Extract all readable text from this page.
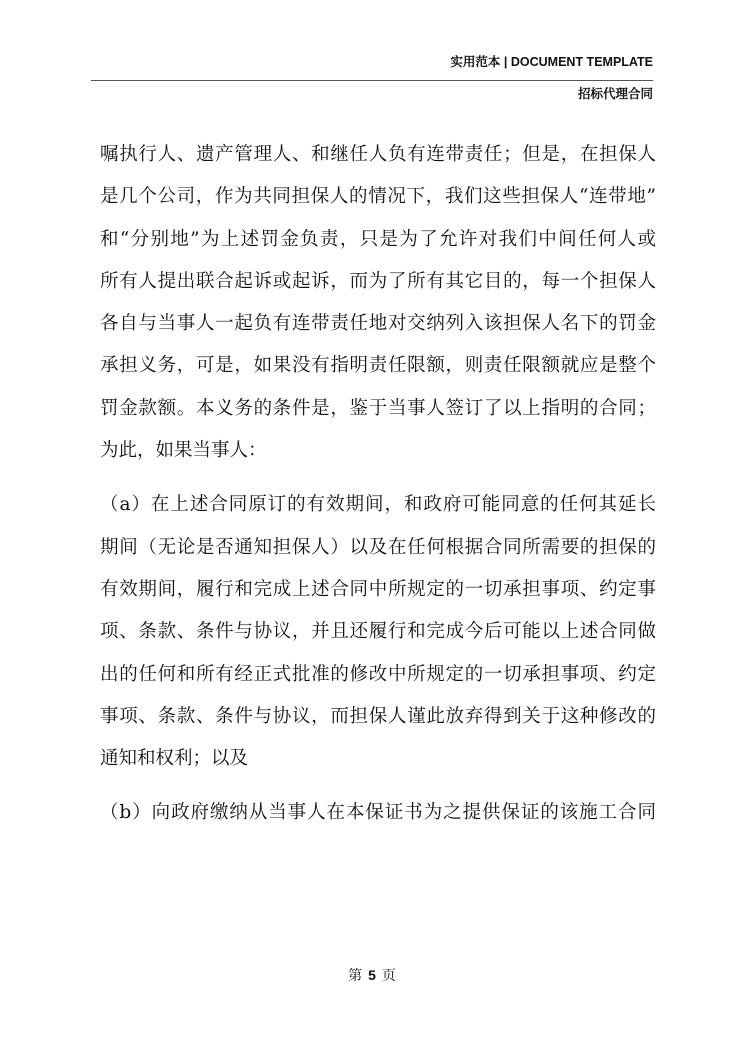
实用范本 | DOCUMENT TEMPLATE
招标代理合同
嘱执行人、遗产管理人、和继任人负有连带责任；但是，在担保人
是几个公司，作为共同担保人的情况下，我们这些担保人“连带地”
和“分别地”为上述罚金负责，只是为了允许对我们中间任何人或
所有人提出联合起诉或起诉，而为了所有其它目的，每一个担保人
各自与当事人一起负有连带责任地对交纳列入该担保人名下的罚金
承担义务，可是，如果没有指明责任限额，则责任限额就应是整个
罚金款额。本义务的条件是，鉴于当事人签订了以上指明的合同；
为此，如果当事人：
（a）在上述合同原订的有效期间，和政府可能同意的任何其延长
期间（无论是否通知担保人）以及在任何根据合同所需要的担保的
有效期间，履行和完成上述合同中所规定的一切承担事项、约定事
项、条款、条件与协议，并且还履行和完成今后可能以上述合同做
出的任何和所有经正式批准的修改中所规定的一切承担事项、约定
事项、条款、条件与协议，而担保人谨此放弃得到关于这种修改的
通知和权利；以及
（b）向政府缴纳从当事人在本保证书为之提供保证的该施工合同
第 5 页
